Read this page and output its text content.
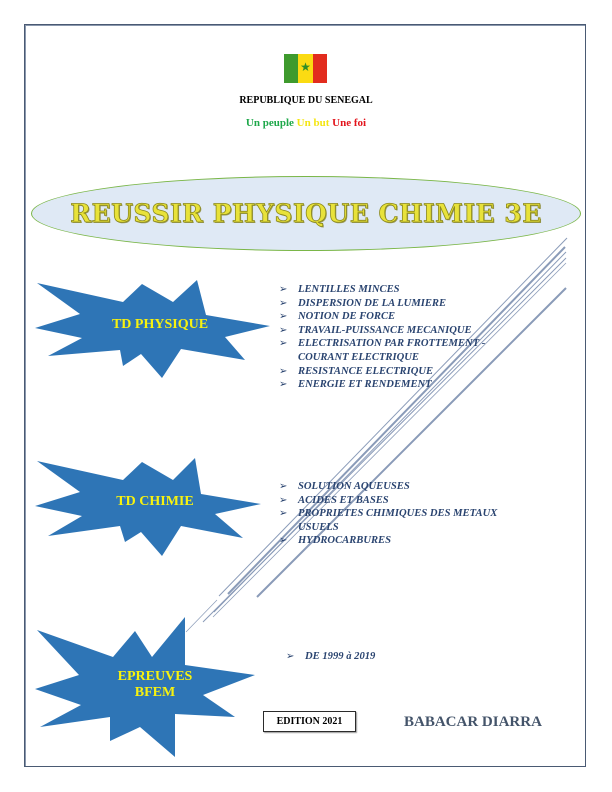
★
REPUBLIQUE DU SENEGAL
Un peuple Un but Une foi
REUSSIR PHYSIQUE CHIMIE 3E
TD PHYSIQUE
TD CHIMIE
EPREUVES
BFEM
➢ LENTILLES MINCES
➢ DISPERSION DE LA LUMIERE
➢ NOTION DE FORCE
➢ TRAVAIL-PUISSANCE MECANIQUE
➢ ELECTRISATION PAR FROTTEMENT -
COURANT ELECTRIQUE
➢ RESISTANCE ELECTRIQUE
➢ ENERGIE ET RENDEMENT
➢ SOLUTION AQUEUSES
➢ ACIDES ET BASES
➢ PROPRIETES CHIMIQUES DES METAUX
USUELS
➢ HYDROCARBURES
➢ DE 1999 à 2019
EDITION 2021	BABACAR DIARRA
